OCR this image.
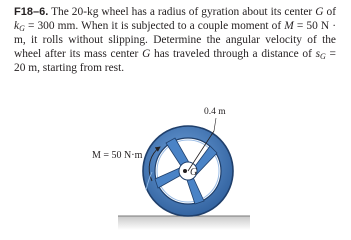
F18–6. The 20-kg wheel has a radius of gyration about its center G of $k_G = 300$ mm. When it is subjected to a couple moment of M = 50 N · m, it rolls without slipping. Determine the angular velocity of the wheel after its mass center G has traveled through a distance of $s_G = 20$ m, starting from rest.
G
0.4 m
M = 50 N·m
